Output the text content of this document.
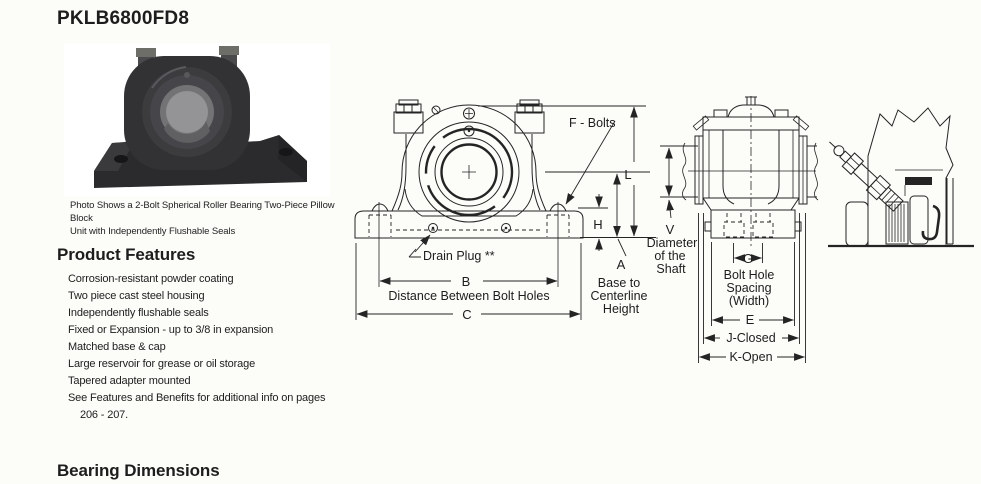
PKLB6800FD8
Photo Shows a 2-Bolt Spherical Roller Bearing Two-Piece Pillow Block
Unit with Independently Flushable Seals
Product Features
Corrosion-resistant powder coating
Two piece cast steel housing
Independently flushable seals
Fixed or Expansion - up to 3/8 in expansion
Matched base & cap
Large reservoir for grease or oil storage
Tapered adapter mounted
See Features and Benefits for additional info on pages
206 - 207.
Bearing Dimensions
F - Bolts
L
H
A
Base to
Centerline
Height
B
Distance Between Bolt Holes
C
Drain Plug **
V
Diameter
of the
Shaft
G
Bolt Hole
Spacing
(Width)
E
J-Closed
K-Open
